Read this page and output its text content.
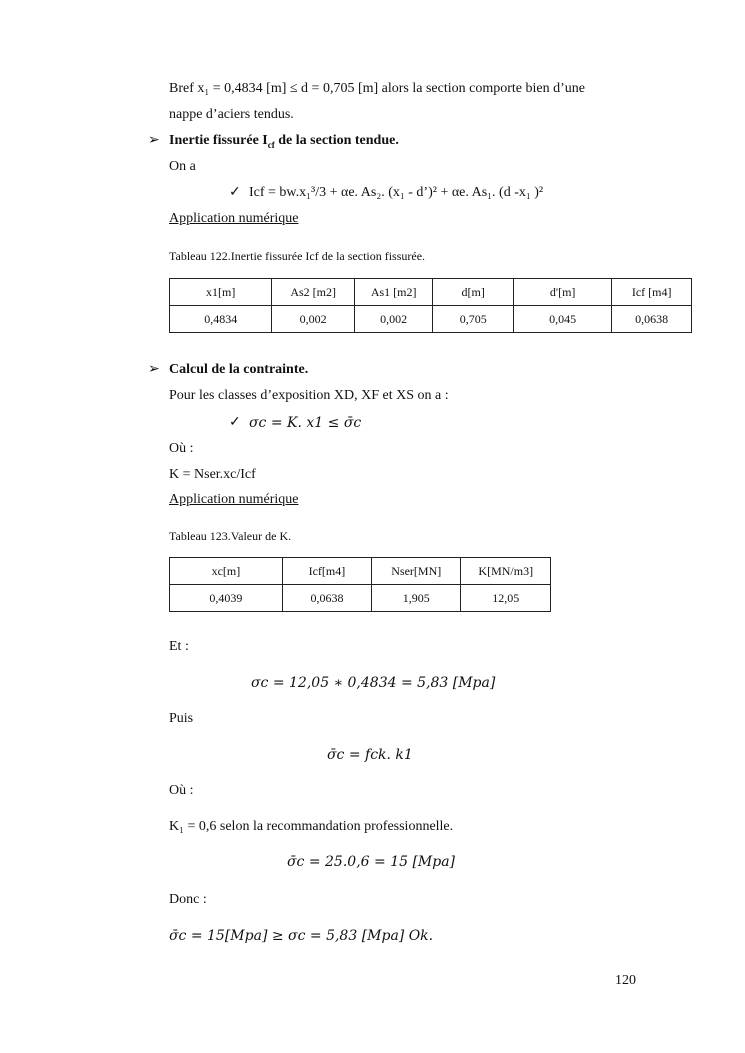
Bref x₁ = 0,4834 [m] ≤ d = 0,705 [m] alors la section comporte bien d’une
nappe d’aciers tendus.
➢ Inertie fissurée $I_{cf}$ de la section tendue.
On a
✓ Icf = bw.x₁³/3 + αe. As₂. (x₁ - d’)² + αe. As₁. (d -x₁ )²
Application numérique
Tableau 122.Inertie fissurée Icf de la section fissurée.
x1[m]	As2 [m2]	As1 [m2]	d[m]	d'[m]	Icf [m4]
0,4834	0,002	0,002	0,705	0,045	0,0638
➢ Calcul de la contrainte.
Pour les classes d’exposition XD, XF et XS on a :
✓ σc = K. x1 ≤ σ̄c
Où :
K = Nser.xc/Icf
Application numérique
Tableau 123.Valeur de K.
xc[m]	Icf[m4]	Nser[MN]	K[MN/m3]
0,4039	0,0638	1,905	12,05
Et :
σc = 12,05 ∗ 0,4834 = 5,83 [Mpa]
Puis
σ̄c = fck. k1
Où :
K₁ = 0,6 selon la recommandation professionnelle.
σ̄c = 25.0,6 = 15 [Mpa]
Donc :
σ̄c = 15[Mpa] ≥ σc = 5,83 [Mpa] Ok.
120
